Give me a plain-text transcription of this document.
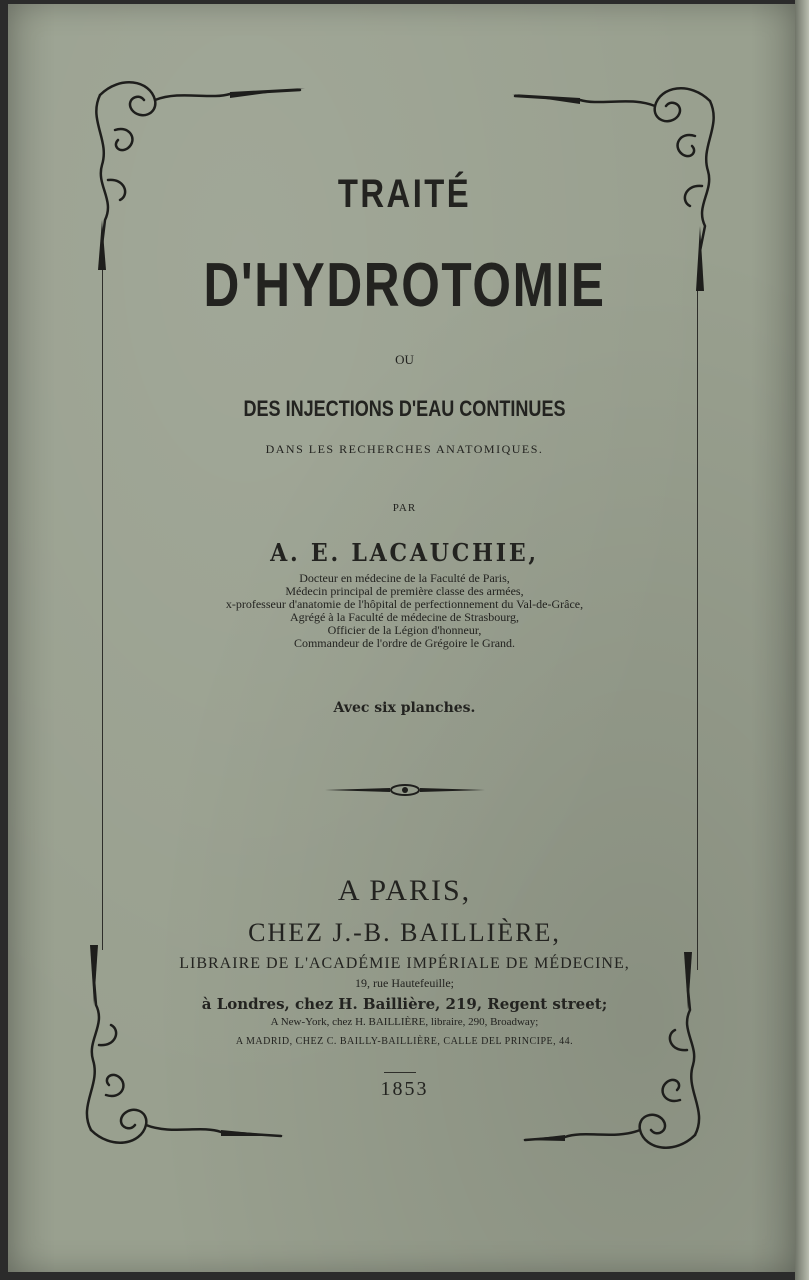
TRAITÉ
D'HYDROTOMIE
OU
DES INJECTIONS D'EAU CONTINUES
DANS LES RECHERCHES ANATOMIQUES.
PAR
A. E. LACAUCHIE,
Docteur en médecine de la Faculté de Paris,
Médecin principal de première classe des armées,
x-professeur d'anatomie de l'hôpital de perfectionnement du Val-de-Grâce,
Agrégé à la Faculté de médecine de Strasbourg,
Officier de la Légion d'honneur,
Commandeur de l'ordre de Grégoire le Grand.
Avec six planches.
A PARIS,
CHEZ J.-B. BAILLIÈRE,
LIBRAIRE DE L'ACADÉMIE IMPÉRIALE DE MÉDECINE,
19, rue Hautefeuille;
à Londres, chez H. Baillière, 219, Regent street;
A New-York, chez H. BAILLIÈRE, libraire, 290, Broadway;
A MADRID, CHEZ C. BAILLY-BAILLIÈRE, CALLE DEL PRINCIPE, 44.
1853
